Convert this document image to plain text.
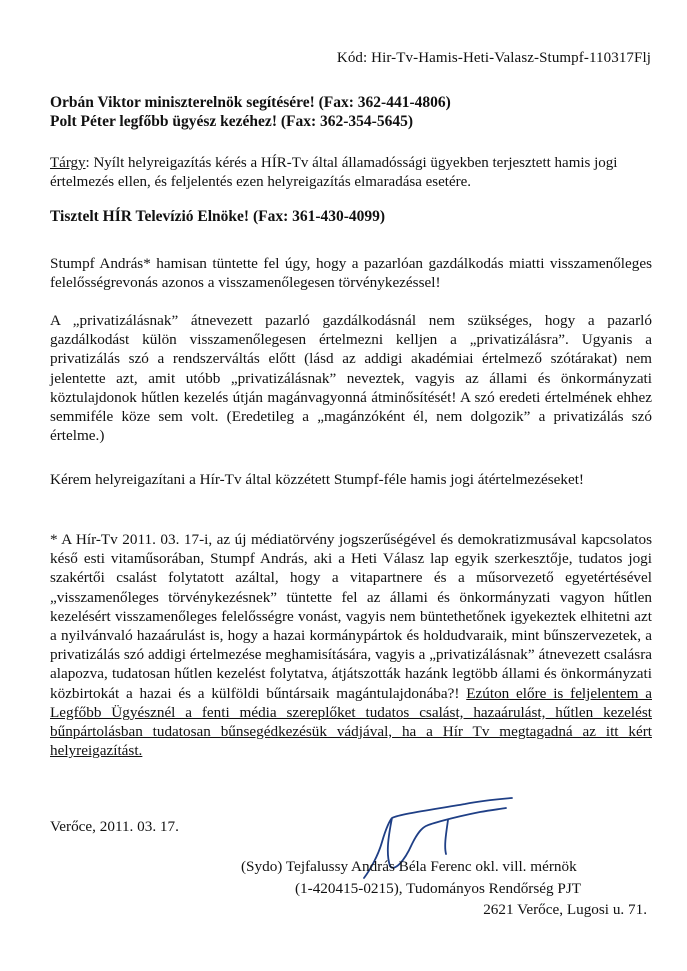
Kód: Hir-Tv-Hamis-Heti-Valasz-Stumpf-110317Flj
Orbán Viktor miniszterelnök segítésére! (Fax: 362-441-4806)
Polt Péter legfőbb ügyész kezéhez! (Fax: 362-354-5645)
Tárgy: Nyílt helyreigazítás kérés a HÍR-Tv által államadóssági ügyekben terjesztett hamis jogi értelmezés ellen, és feljelentés ezen helyreigazítás elmaradása esetére.
Tisztelt HÍR Televízió Elnöke! (Fax: 361-430-4099)
Stumpf András* hamisan tüntette fel úgy, hogy a pazarlóan gazdálkodás miatti visszamenőleges felelősségrevonás azonos a visszamenőlegesen törvénykezéssel!
A „privatizálásnak” átnevezett pazarló gazdálkodásnál nem szükséges, hogy a pazarló gazdálkodást külön visszamenőlegesen értelmezni kelljen a „privatizálásra”. Ugyanis a privatizálás szó a rendszerváltás előtt (lásd az addigi akadémiai értelmező szótárakat) nem jelentette azt, amit utóbb „privatizálásnak” neveztek, vagyis az állami és önkormányzati köztulajdonok hűtlen kezelés útján magánvagyonná átminősítését! A szó eredeti értelmének ehhez semmiféle köze sem volt. (Eredetileg a „magánzóként él, nem dolgozik” a privatizálás szó értelme.)
Kérem helyreigazítani a Hír-Tv által közzétett Stumpf-féle hamis jogi átértelmezéseket!
* A Hír-Tv 2011. 03. 17-i, az új médiatörvény jogszerűségével és demokratizmusával kapcsolatos késő esti vitaműsorában, Stumpf András, aki a Heti Válasz lap egyik szerkesztője, tudatos jogi szakértői csalást folytatott azáltal, hogy a vitapartnere és a műsorvezető egyetértésével „visszamenőleges törvénykezésnek” tüntette fel az állami és önkormányzati vagyon hűtlen kezelésért visszamenőleges felelősségre vonást, vagyis nem büntethetőnek igyekeztek elhitetni azt a nyilvánvaló hazaárulást is, hogy a hazai kormánypártok és holdudvaraik, mint bűnszervezetek, a privatizálás szó addigi értelmezése meghamisítására, vagyis a „privatizálásnak” átnevezett csalásra alapozva, tudatosan hűtlen kezelést folytatva, átjátszották hazánk legtöbb állami és önkormányzati közbirtokát a hazai és a külföldi bűntársaik magántulajdonába?! Ezúton előre is feljelentem a Legfőbb Ügyésznél a fenti média szereplőket tudatos csalást, hazaárulást, hűtlen kezelést bűnpártolásban tudatosan bűnsegédkezésük vádjával, ha a Hír Tv megtagadná az itt kért helyreigazítást.
Verőce, 2011. 03. 17.
(Sydo) Tejfalussy András Béla Ferenc okl. vill. mérnök
(1-420415-0215), Tudományos Rendőrség PJT
2621 Verőce, Lugosi u. 71.
